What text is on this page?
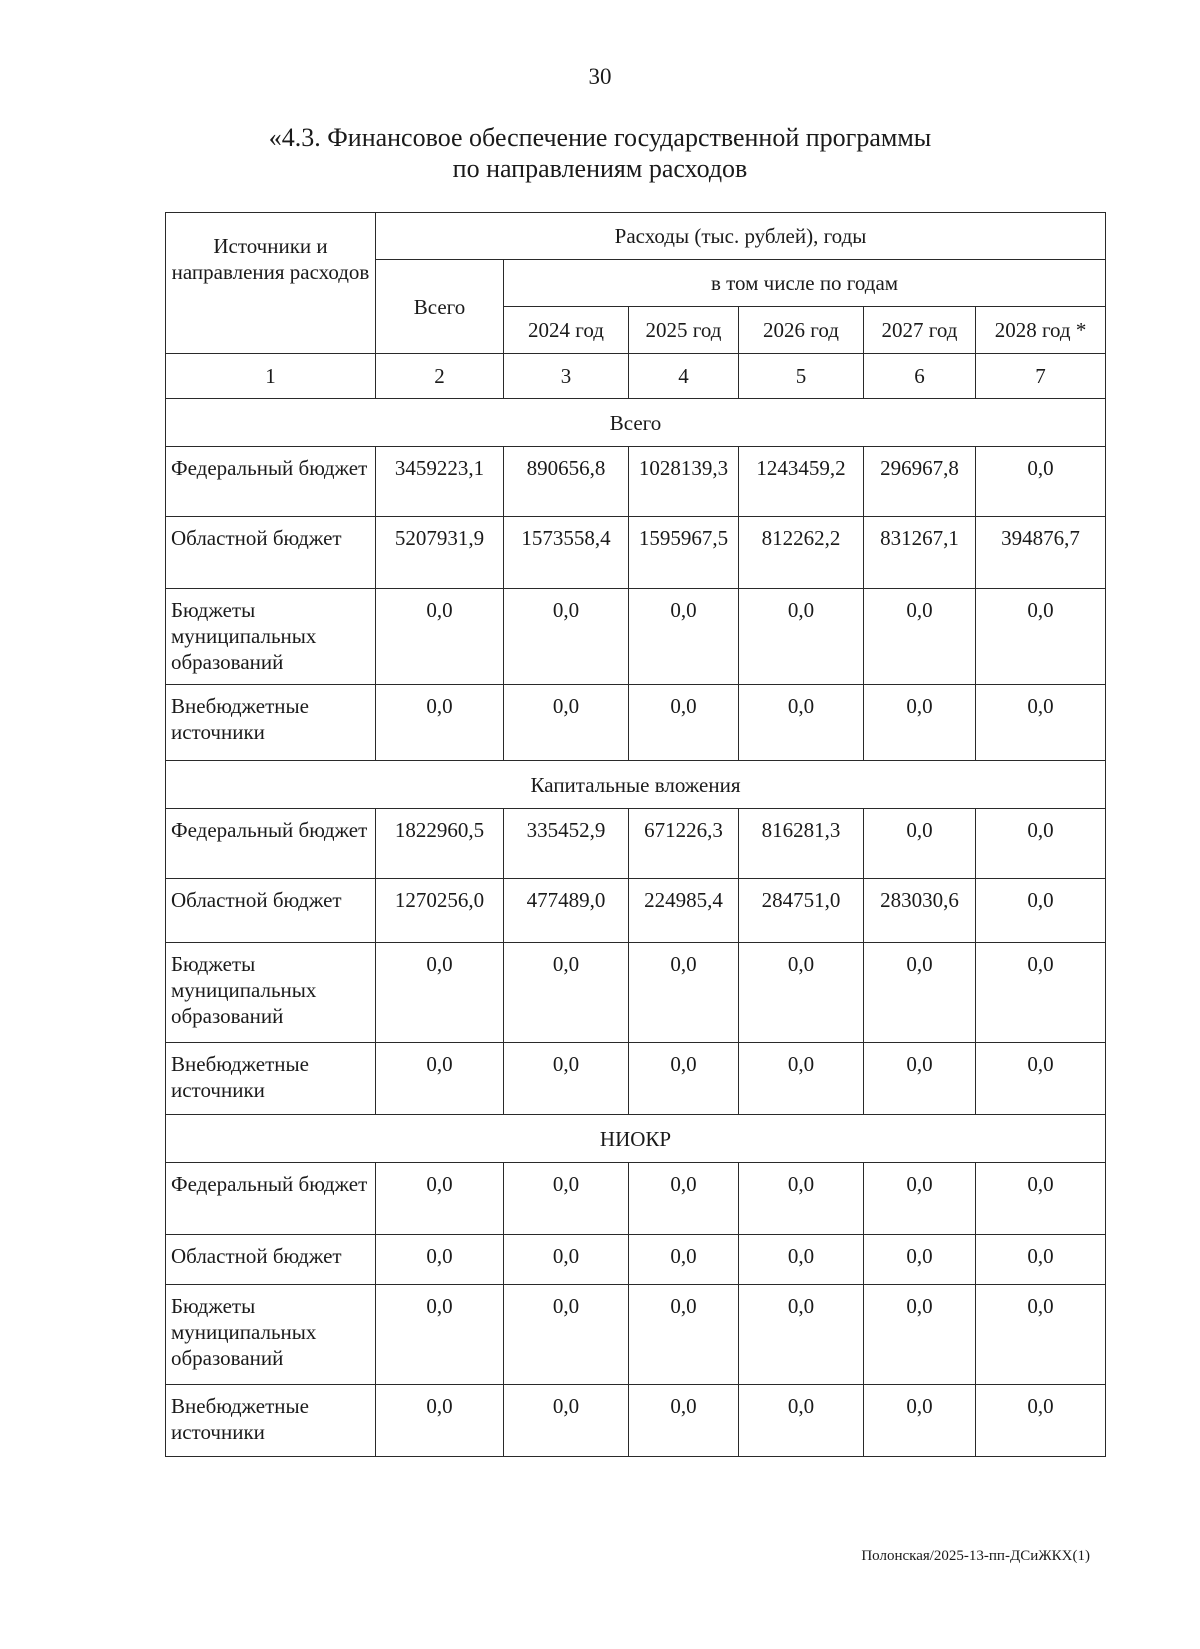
30
«4.3. Финансовое обеспечение государственной программы
по направлениям расходов
Источники и направления расходов	Расходы (тыс. рублей), годы					
	Всего	в том числе по годам				
		2024 год	2025 год	2026 год	2027 год	2028 год *
1	2	3	4	5	6	7
Всего						
Федеральный бюджет	3459223,1	890656,8	1028139,3	1243459,2	296967,8	0,0
Областной бюджет	5207931,9	1573558,4	1595967,5	812262,2	831267,1	394876,7
Бюджеты муниципальных образований	0,0	0,0	0,0	0,0	0,0	0,0
Внебюджетные источники	0,0	0,0	0,0	0,0	0,0	0,0
Капитальные вложения						
Федеральный бюджет	1822960,5	335452,9	671226,3	816281,3	0,0	0,0
Областной бюджет	1270256,0	477489,0	224985,4	284751,0	283030,6	0,0
Бюджеты муниципальных образований	0,0	0,0	0,0	0,0	0,0	0,0
Внебюджетные источники	0,0	0,0	0,0	0,0	0,0	0,0
НИОКР						
Федеральный бюджет	0,0	0,0	0,0	0,0	0,0	0,0
Областной бюджет	0,0	0,0	0,0	0,0	0,0	0,0
Бюджеты муниципальных образований	0,0	0,0	0,0	0,0	0,0	0,0
Внебюджетные источники	0,0	0,0	0,0	0,0	0,0	0,0
Полонская/2025-13-пп-ДСиЖКХ(1)
